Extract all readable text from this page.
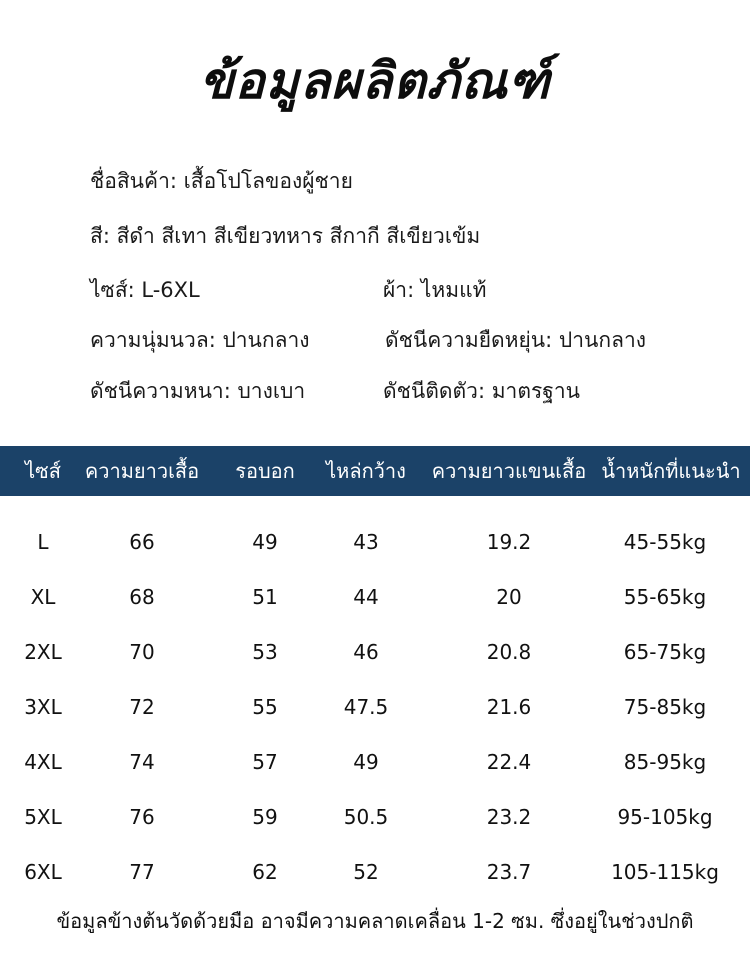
ข้อมูลผลิตภัณฑ์
ชื่อสินค้า: เสื้อโปโลของผู้ชาย
สี: สีดำ สีเทา สีเขียวทหาร สีกากี สีเขียวเข้ม
ไซส์: L-6XL	ผ้า: ไหมแท้
ความนุ่มนวล: ปานกลาง	ดัชนีความยืดหยุ่น: ปานกลาง
ดัชนีความหนา: บางเบา	ดัชนีติดตัว: มาตรฐาน
ไซส์ ความยาวเสื้อ รอบอก ไหล่กว้าง ความยาวแขนเสื้อ น้ำหนักที่แนะนำ
L	66	49	43	19.2	45-55kg
XL	68	51	44	20	55-65kg
2XL	70	53	46	20.8	65-75kg
3XL	72	55	47.5	21.6	75-85kg
4XL	74	57	49	22.4	85-95kg
5XL	76	59	50.5	23.2	95-105kg
6XL	77	62	52	23.7	105-115kg
ข้อมูลข้างต้นวัดด้วยมือ อาจมีความคลาดเคลื่อน 1-2 ซม. ซึ่งอยู่ในช่วงปกติ
